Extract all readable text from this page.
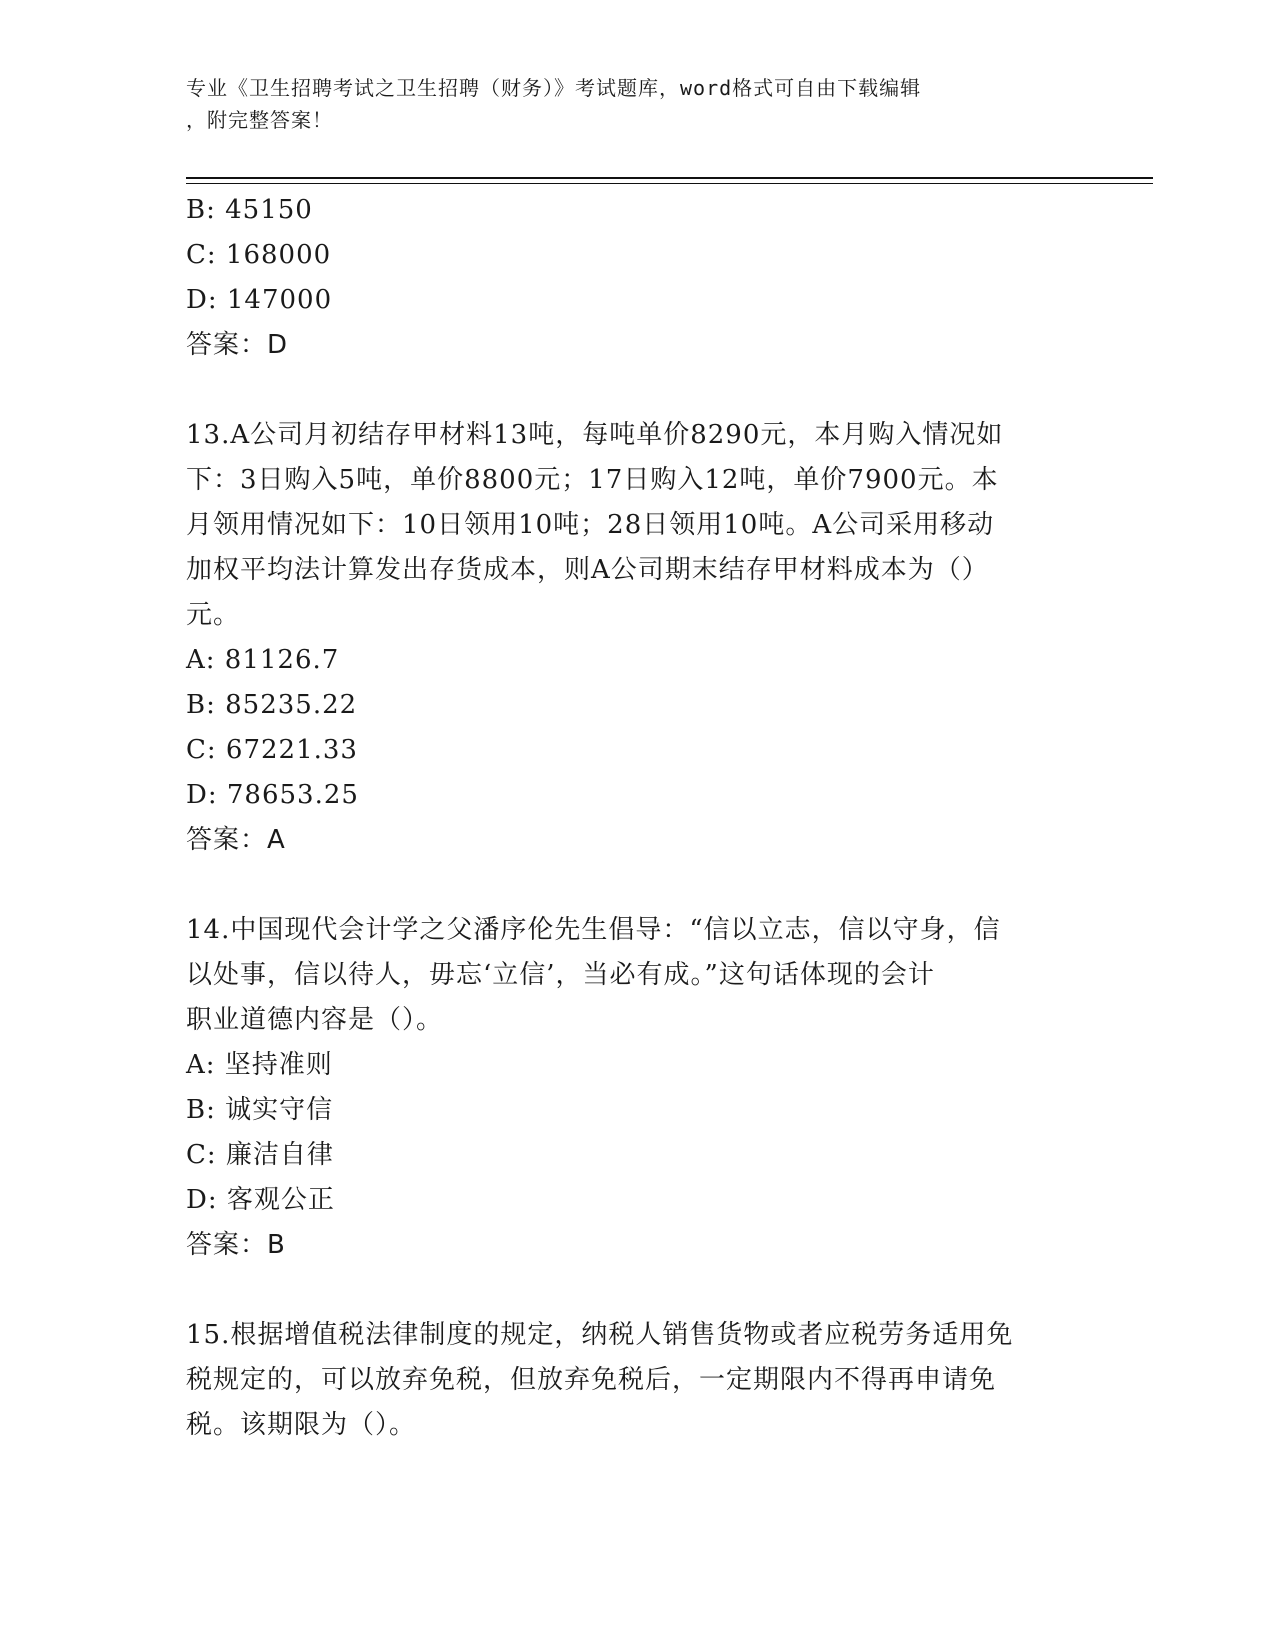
专业《卫生招聘考试之卫生招聘（财务）》考试题库，word格式可自由下载编辑
，附完整答案！

B: 45150

C: 168000

D: 147000

答案：D

13.A公司月初结存甲材料13吨，每吨单价8290元，本月购入情况如

下：3日购入5吨，单价8800元；17日购入12吨，单价7900元。本

月领用情况如下：10日领用10吨；28日领用10吨。A公司采用移动

加权平均法计算发出存货成本，则A公司期末结存甲材料成本为（）

元。

A: 81126.7

B: 85235.22

C: 67221.33

D: 78653.25

答案：A

14.中国现代会计学之父潘序伦先生倡导：“信以立志，信以守身，信

以处事，信以待人，毋忘‘立信’，当必有成。”这句话体现的会计

职业道德内容是（）。

A: 坚持准则

B: 诚实守信

C: 廉洁自律

D: 客观公正

答案：B

15.根据增值税法律制度的规定，纳税人销售货物或者应税劳务适用免

税规定的，可以放弃免税，但放弃免税后，一定期限内不得再申请免

税。该期限为（）。
